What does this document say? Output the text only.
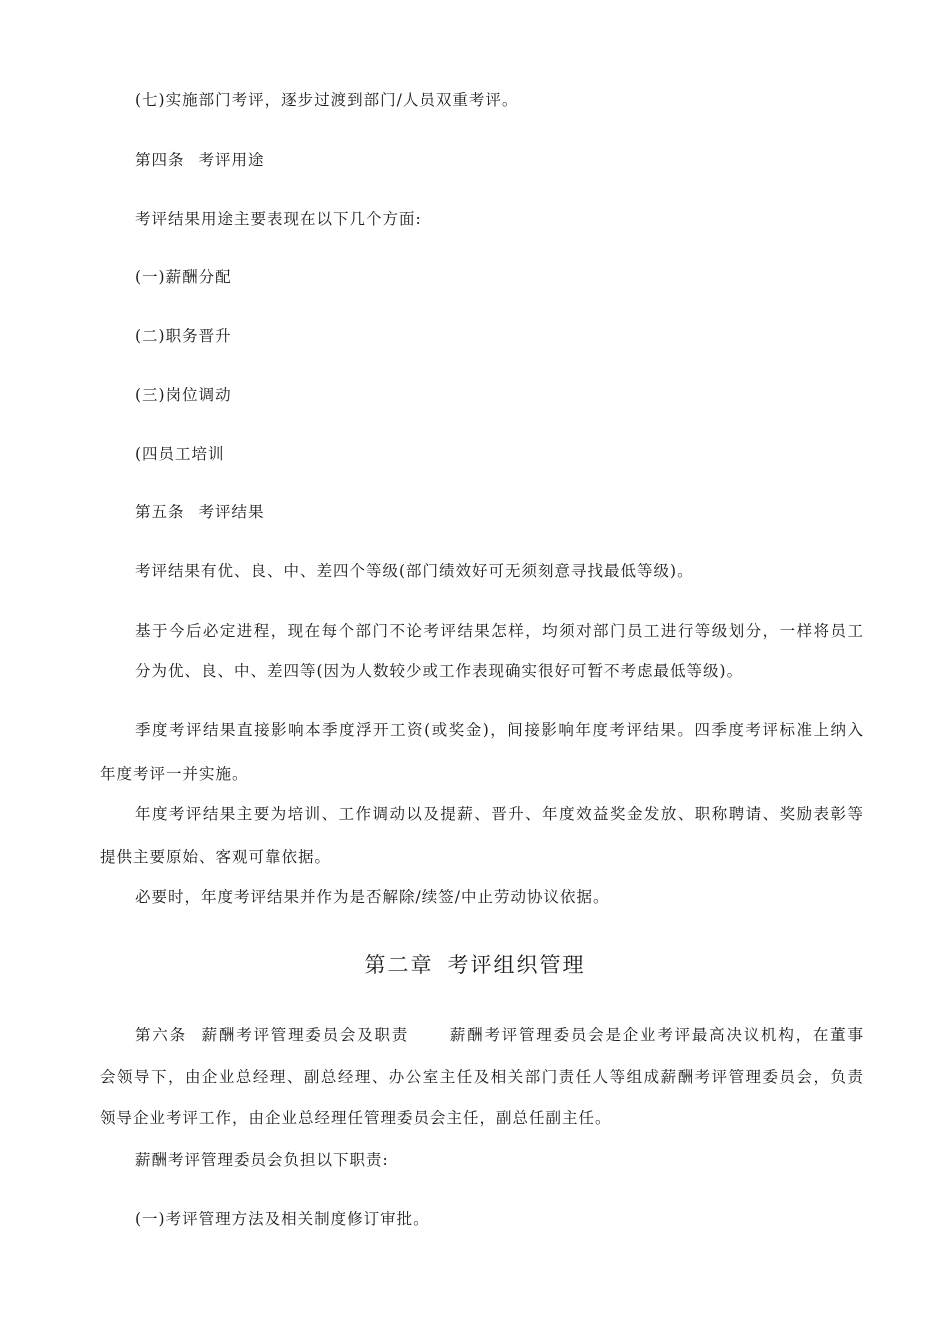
(七)实施部门考评，逐步过渡到部门/人员双重考评。
第四条 考评用途
考评结果用途主要表现在以下几个方面:
(一)薪酬分配
(二)职务晋升
(三)岗位调动
(四员工培训
第五条 考评结果
考评结果有优、良、中、差四个等级(部门绩效好可无须刻意寻找最低等级)。
基于今后必定进程，现在每个部门不论考评结果怎样，均须对部门员工进行等级划分，一样将员工
分为优、良、中、差四等(因为人数较少或工作表现确实很好可暂不考虑最低等级)。
季度考评结果直接影响本季度浮开工资(或奖金)，间接影响年度考评结果。四季度考评标准上纳入
年度考评一并实施。
年度考评结果主要为培训、工作调动以及提薪、晋升、年度效益奖金发放、职称聘请、奖励表彰等
提供主要原始、客观可靠依据。
必要时，年度考评结果并作为是否解除/续签/中止劳动协议依据。
第二章 考评组织管理
第六条 薪酬考评管理委员会及职责	薪酬考评管理委员会是企业考评最高决议机构，在董事
会领导下，由企业总经理、副总经理、办公室主任及相关部门责任人等组成薪酬考评管理委员会，负责
领导企业考评工作，由企业总经理任管理委员会主任，副总任副主任。
薪酬考评管理委员会负担以下职责:
(一)考评管理方法及相关制度修订审批。
